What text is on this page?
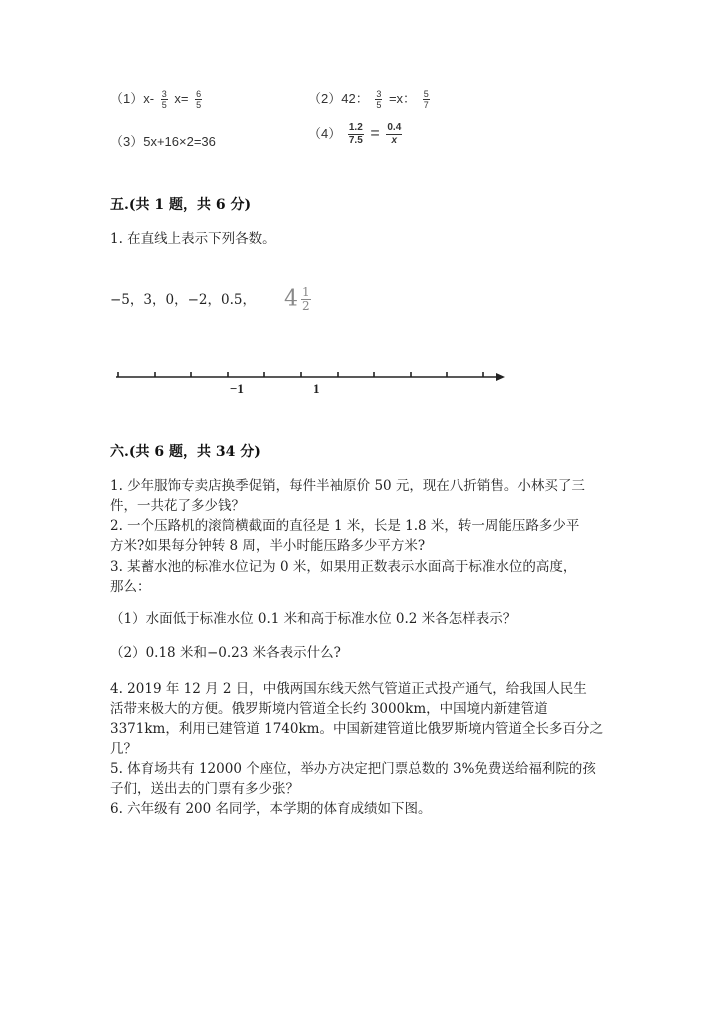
$(1)x- \frac{3}{5} x= \frac{6}{5}$	（2）42： $\frac{3}{5} =x$： $\frac{5}{7}$
（3）5x+16×2=36
$(4) \frac{1.2}{7.5} = \frac{0.4}{x}$
五.(共 1 题，共 6 分)
1. 在直线上表示下列各数。
−5，3，0，−2，0.5， $4 \frac{1}{2}$
−1	1
六.(共 6 题，共 34 分)
1. 少年服饰专卖店换季促销，每件半袖原价 50 元，现在八折销售。小林买了三
件，一共花了多少钱？
2. 一个压路机的滚筒横截面的直径是 1 米，长是 1.8 米，转一周能压路多少平
方米?如果每分钟转 8 周，半小时能压路多少平方米?
3. 某蓄水池的标准水位记为 0 米，如果用正数表示水面高于标准水位的高度，
那么：
（1）水面低于标准水位 0.1 米和高于标准水位 0.2 米各怎样表示？
（2）0.18 米和−0.23 米各表示什么?
4. 2019 年 12 月 2 日，中俄两国东线天然气管道正式投产通气，给我国人民生
活带来极大的方便。俄罗斯境内管道全长约 3000km，中国境内新建管道
3371km，利用已建管道 1740km。中国新建管道比俄罗斯境内管道全长多百分之
几？
5. 体育场共有 12000 个座位，举办方决定把门票总数的 3%免费送给福利院的孩
子们，送出去的门票有多少张？
6. 六年级有 200 名同学，本学期的体育成绩如下图。
